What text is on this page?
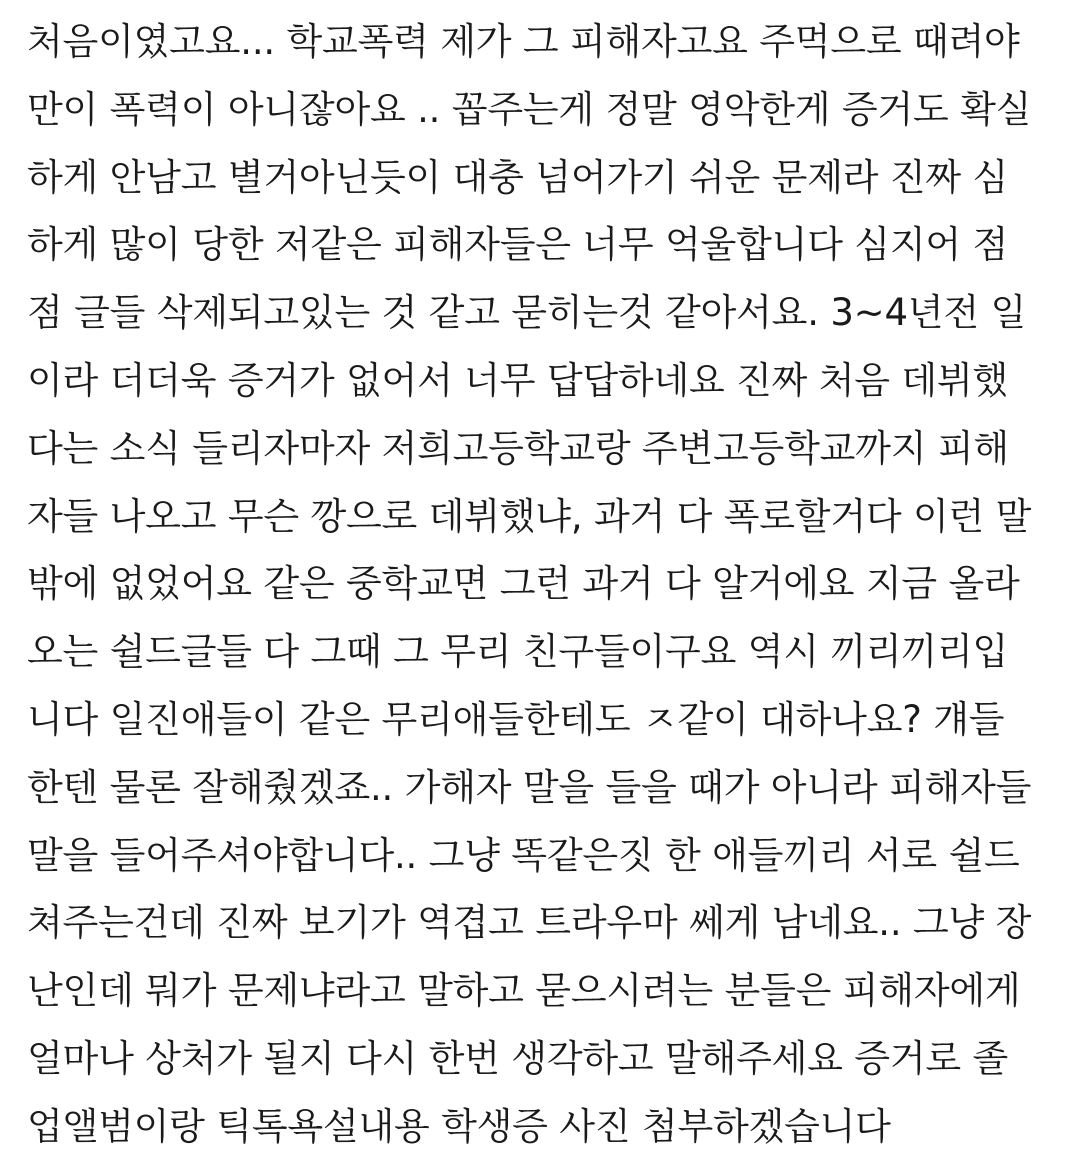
처음이였고요... 학교폭력 제가 그 피해자고요 주먹으로 때려야
만이 폭력이 아니잖아요 .. 꼽주는게 정말 영악한게 증거도 확실
하게 안남고 별거아닌듯이 대충 넘어가기 쉬운 문제라 진짜 심
하게 많이 당한 저같은 피해자들은 너무 억울합니다 심지어 점
점 글들 삭제되고있는 것 같고 묻히는것 같아서요. 3~4년전 일
이라 더더욱 증거가 없어서 너무 답답하네요 진짜 처음 데뷔했
다는 소식 들리자마자 저희고등학교랑 주변고등학교까지 피해
자들 나오고 무슨 깡으로 데뷔했냐, 과거 다 폭로할거다 이런 말
밖에 없었어요 같은 중학교면 그런 과거 다 알거에요 지금 올라
오는 쉴드글들 다 그때 그 무리 친구들이구요 역시 끼리끼리입
니다 일진애들이 같은 무리애들한테도 ㅈ같이 대하나요? 걔들
한텐 물론 잘해줬겠죠.. 가해자 말을 들을 때가 아니라 피해자들
말을 들어주셔야합니다.. 그냥 똑같은짓 한 애들끼리 서로 쉴드
쳐주는건데 진짜 보기가 역겹고 트라우마 쎄게 남네요.. 그냥 장
난인데 뭐가 문제냐라고 말하고 묻으시려는 분들은 피해자에게
얼마나 상처가 될지 다시 한번 생각하고 말해주세요 증거로 졸
업앨범이랑 틱톡욕설내용 학생증 사진 첨부하겠습니다
